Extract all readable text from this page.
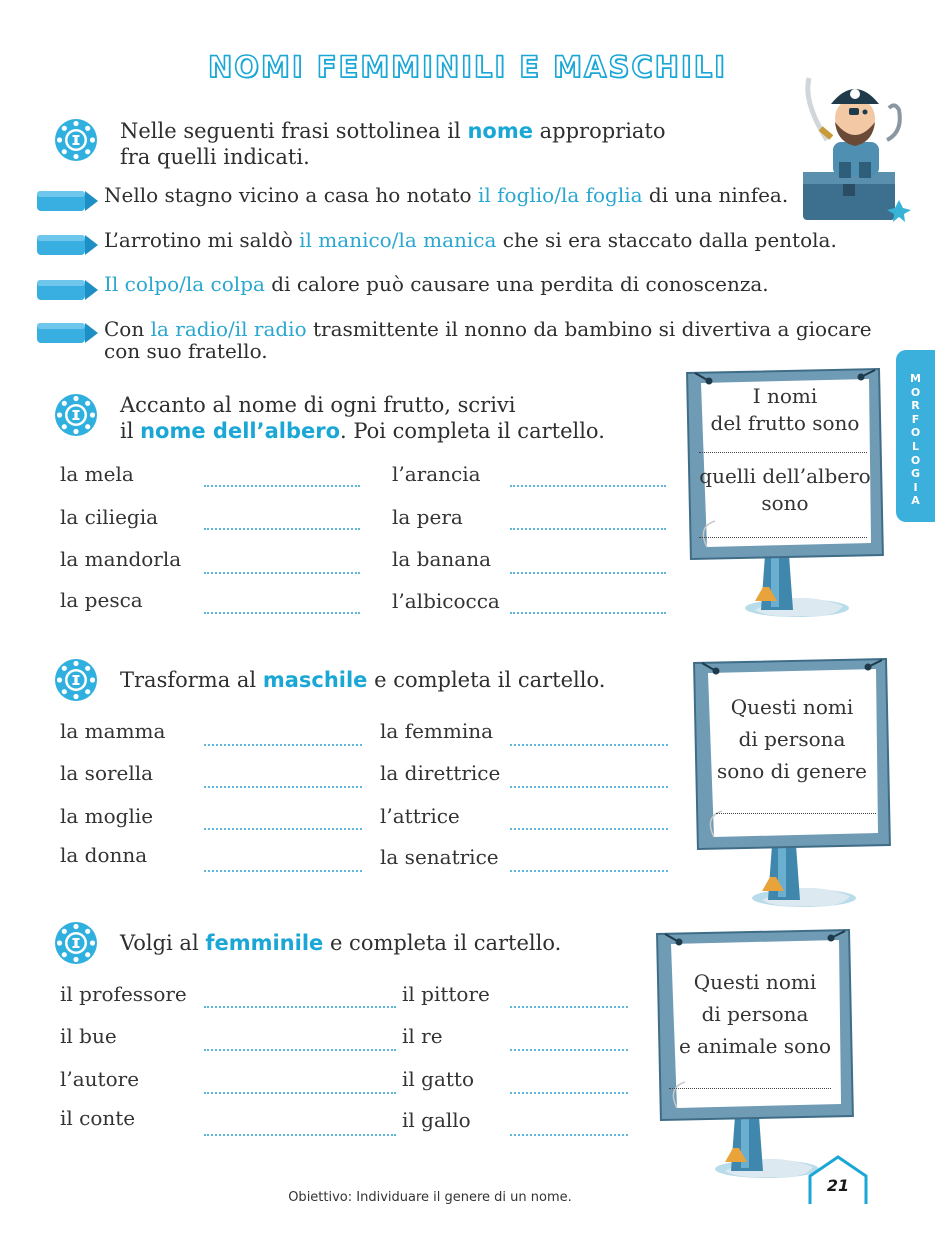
NOMI FEMMINILI E MASCHILI
Nelle seguenti frasi sottolinea il nome appropriato
fra quelli indicati.
Nello stagno vicino a casa ho notato il foglio/la foglia di una ninfea.
L’arrotino mi saldò il manico/la manica che si era staccato dalla pentola.
Il colpo/la colpa di calore può causare una perdita di conoscenza.
Con la radio/il radio trasmittente il nonno da bambino si divertiva a giocare
con suo fratello.
M
O
R
F
O
L
O
G
I
A
Accanto al nome di ogni frutto, scrivi
il nome dell’albero. Poi completa il cartello.
la mela	l’arancia
la ciliegia	la pera
la mandorla	la banana
la pesca	l’albicocca
I nomi
del frutto sono
quelli dell’albero
sono
Trasforma al maschile e completa il cartello.
la mamma	la femmina
la sorella	la direttrice
la moglie	l’attrice
la donna	la senatrice
Questi nomi
di persona
sono di genere
Volgi al femminile e completa il cartello.
il professore	il pittore
il bue	il re
l’autore	il gatto
il conte	il gallo
Questi nomi
di persona
e animale sono
Obiettivo: Individuare il genere di un nome.
21
